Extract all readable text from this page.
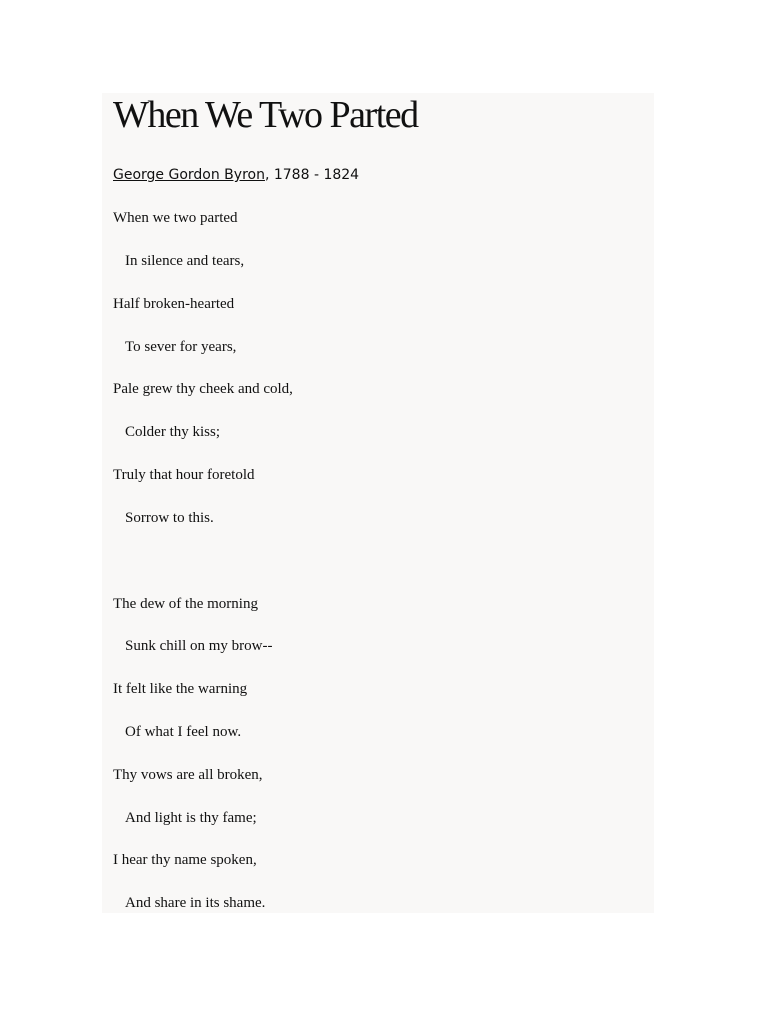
When We Two Parted
George Gordon Byron, 1788 - 1824
When we two parted
In silence and tears,
Half broken-hearted
To sever for years,
Pale grew thy cheek and cold,
Colder thy kiss;
Truly that hour foretold
Sorrow to this.
The dew of the morning
Sunk chill on my brow--
It felt like the warning
Of what I feel now.
Thy vows are all broken,
And light is thy fame;
I hear thy name spoken,
And share in its shame.
